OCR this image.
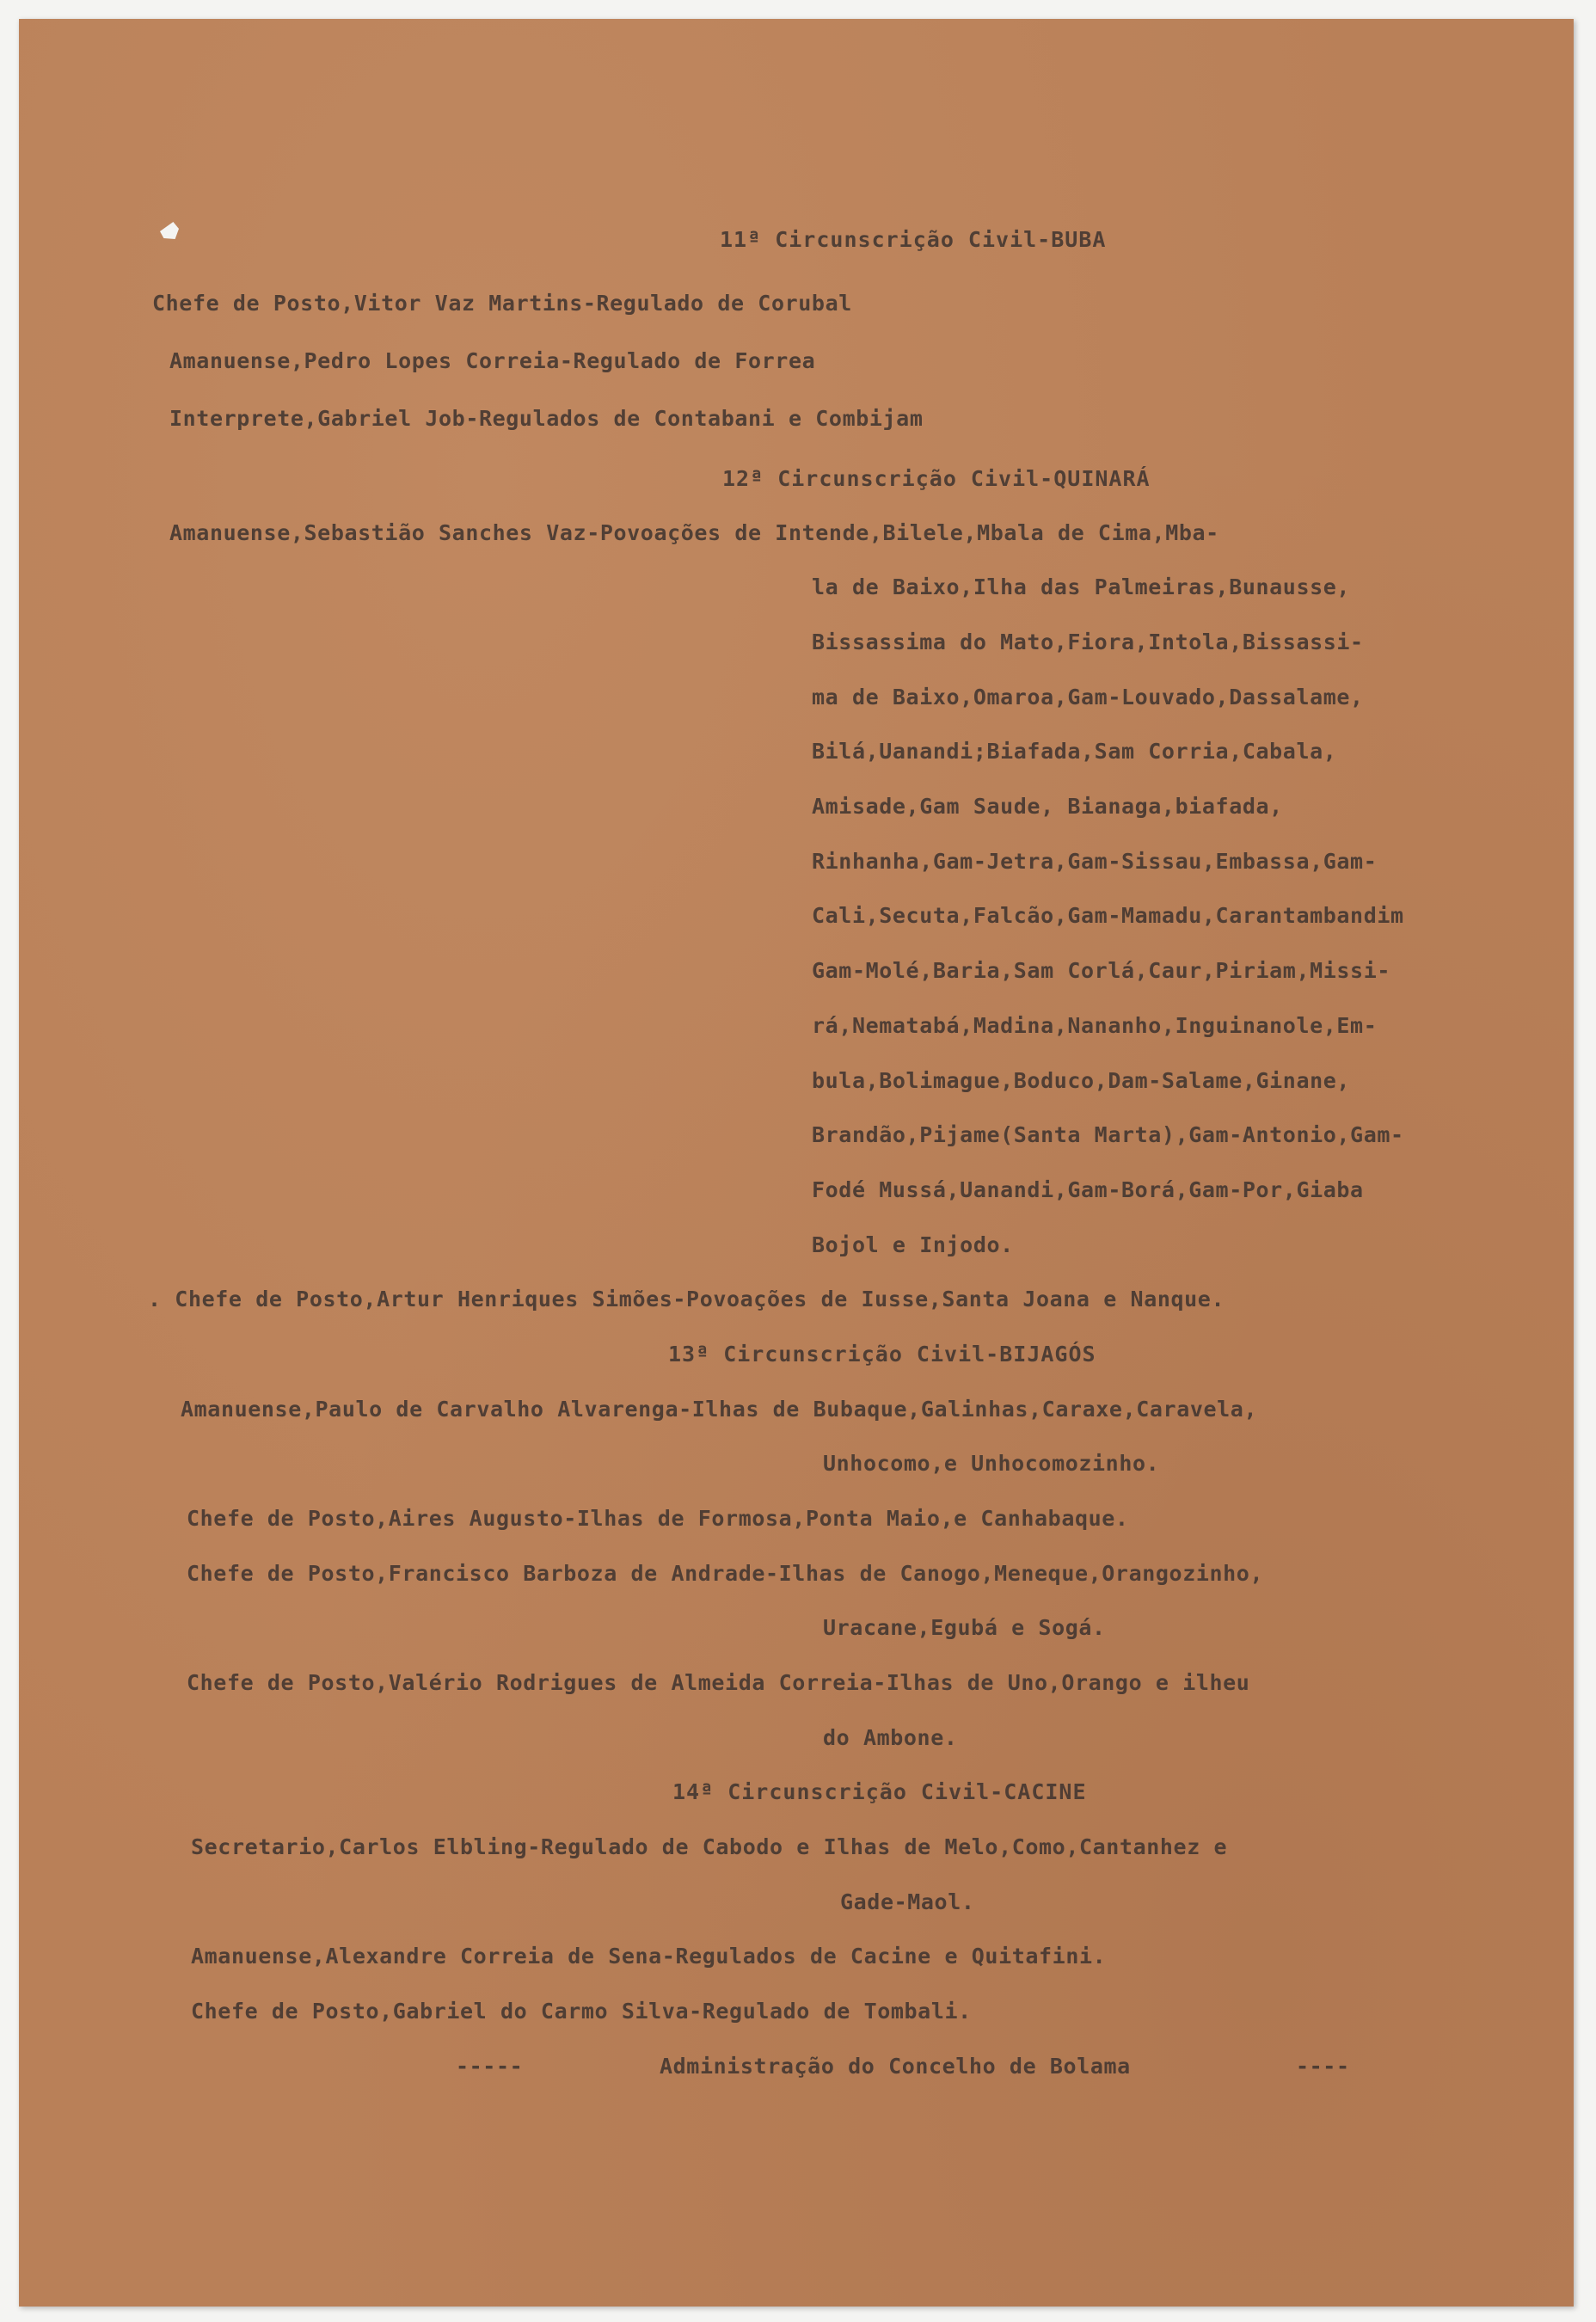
11ª Circunscrição Civil-BUBA
Chefe de Posto,Vitor Vaz Martins-Regulado de Corubal
Amanuense,Pedro Lopes Correia-Regulado de Forrea
Interprete,Gabriel Job-Regulados de Contabani e Combijam
12ª Circunscrição Civil-QUINARÁ
Amanuense,Sebastião Sanches Vaz-Povoações de Intende,Bilele,Mbala de Cima,Mba-
la de Baixo,Ilha das Palmeiras,Bunausse,
Bissassima do Mato,Fiora,Intola,Bissassi-
ma de Baixo,Omaroa,Gam-Louvado,Dassalame,
Bilá,Uanandi;Biafada,Sam Corria,Cabala,
Amisade,Gam Saude, Bianaga,biafada,
Rinhanha,Gam-Jetra,Gam-Sissau,Embassa,Gam-
Cali,Secuta,Falcão,Gam-Mamadu,Carantambandim
Gam-Molé,Baria,Sam Corlá,Caur,Piriam,Missi-
rá,Nematabá,Madina,Nananho,Inguinanole,Em-
bula,Bolimague,Boduco,Dam-Salame,Ginane,
Brandão,Pijame(Santa Marta),Gam-Antonio,Gam-
Fodé Mussá,Uanandi,Gam-Borá,Gam-Por,Giaba
Bojol e Injodo.
. Chefe de Posto,Artur Henriques Simões-Povoações de Iusse,Santa Joana e Nanque.
13ª Circunscrição Civil-BIJAGÓS
Amanuense,Paulo de Carvalho Alvarenga-Ilhas de Bubaque,Galinhas,Caraxe,Caravela,
Unhocomo,e Unhocomozinho.
Chefe de Posto,Aires Augusto-Ilhas de Formosa,Ponta Maio,e Canhabaque.
Chefe de Posto,Francisco Barboza de Andrade-Ilhas de Canogo,Meneque,Orangozinho,
Uracane,Egubá e Sogá.
Chefe de Posto,Valério Rodrigues de Almeida Correia-Ilhas de Uno,Orango e ilheu
do Ambone.
14ª Circunscrição Civil-CACINE
Secretario,Carlos Elbling-Regulado de Cabodo e Ilhas de Melo,Como,Cantanhez e
Gade-Maol.
Amanuense,Alexandre Correia de Sena-Regulados de Cacine e Quitafini.
Chefe de Posto,Gabriel do Carmo Silva-Regulado de Tombali.
-----	Administração do Concelho de Bolama	----
